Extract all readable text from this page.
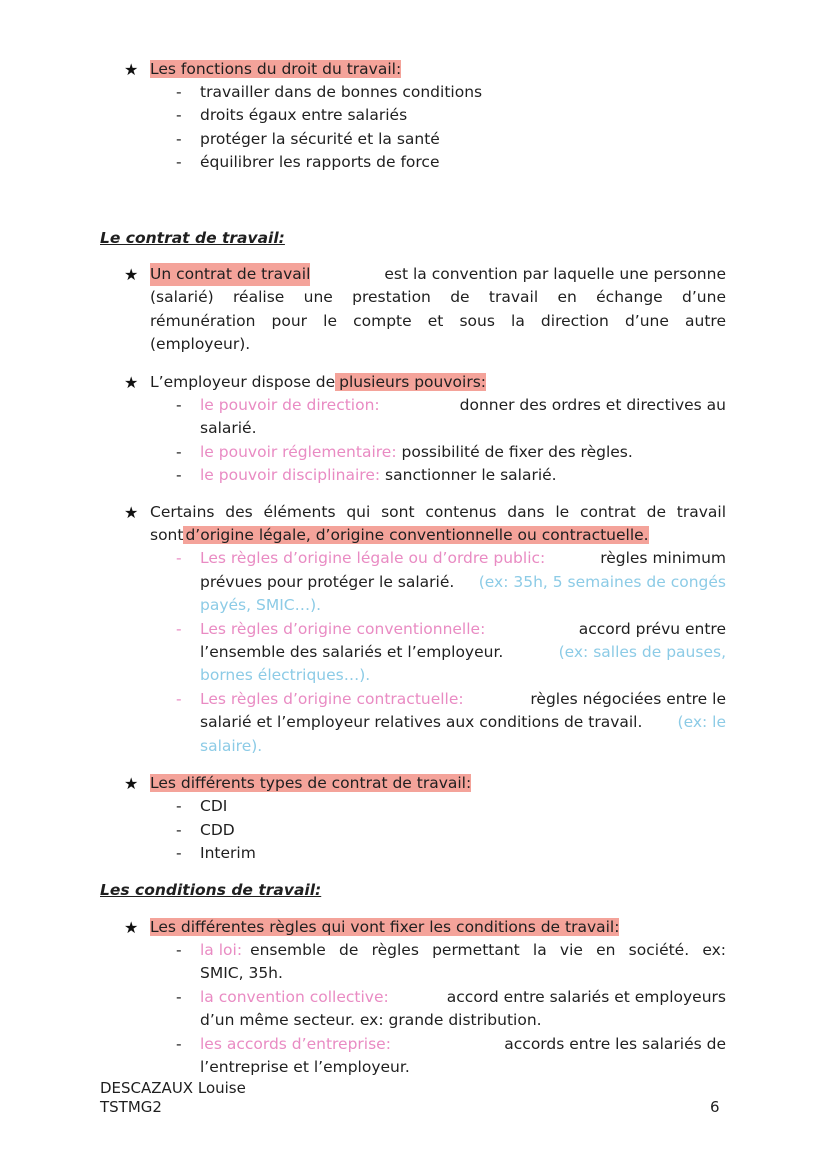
★ Les fonctions du droit du travail:
- travailler dans de bonnes conditions
- droits égaux entre salariés
- protéger la sécurité et la santé
- équilibrer les rapports de force
Le contrat de travail:
★ Un contrat de travail	est la convention par laquelle une personne
(salarié) réalise une prestation de travail en échange d’une
rémunération pour le compte et sous la direction d’une autre
(employeur).
★ L’employeur dispose de plusieurs pouvoirs:
- le pouvoir de direction:	donner des ordres et directives au
salarié.
- le pouvoir réglementaire: possibilité de fixer des règles.
- le pouvoir disciplinaire: sanctionner le salarié.
★ Certains des éléments qui sont contenus dans le contrat de travail
sont d’origine légale, d’origine conventionnelle ou contractuelle.
- Les règles d’origine légale ou d’ordre public:	règles minimum
prévues pour protéger le salarié. (ex: 35h, 5 semaines de congés
payés, SMIC…).
- Les règles d’origine conventionnelle:	accord prévu entre
l’ensemble des salariés et l’employeur.	(ex: salles de pauses,
bornes électriques…).
- Les règles d’origine contractuelle:	règles négociées entre le
salarié et l’employeur relatives aux conditions de travail. (ex: le
salaire).
★ Les différents types de contrat de travail:
- CDI
- CDD
- Interim
Les conditions de travail:
★ Les différentes règles qui vont fixer les conditions de travail:
- la loi: ensemble de règles permettant la vie en société. ex:
SMIC, 35h.
- la convention collective:	accord entre salariés et employeurs
d’un même secteur. ex: grande distribution.
- les accords d’entreprise:	accords entre les salariés de
l’entreprise et l’employeur.
DESCAZAUX Louise
TSTMG2	6
